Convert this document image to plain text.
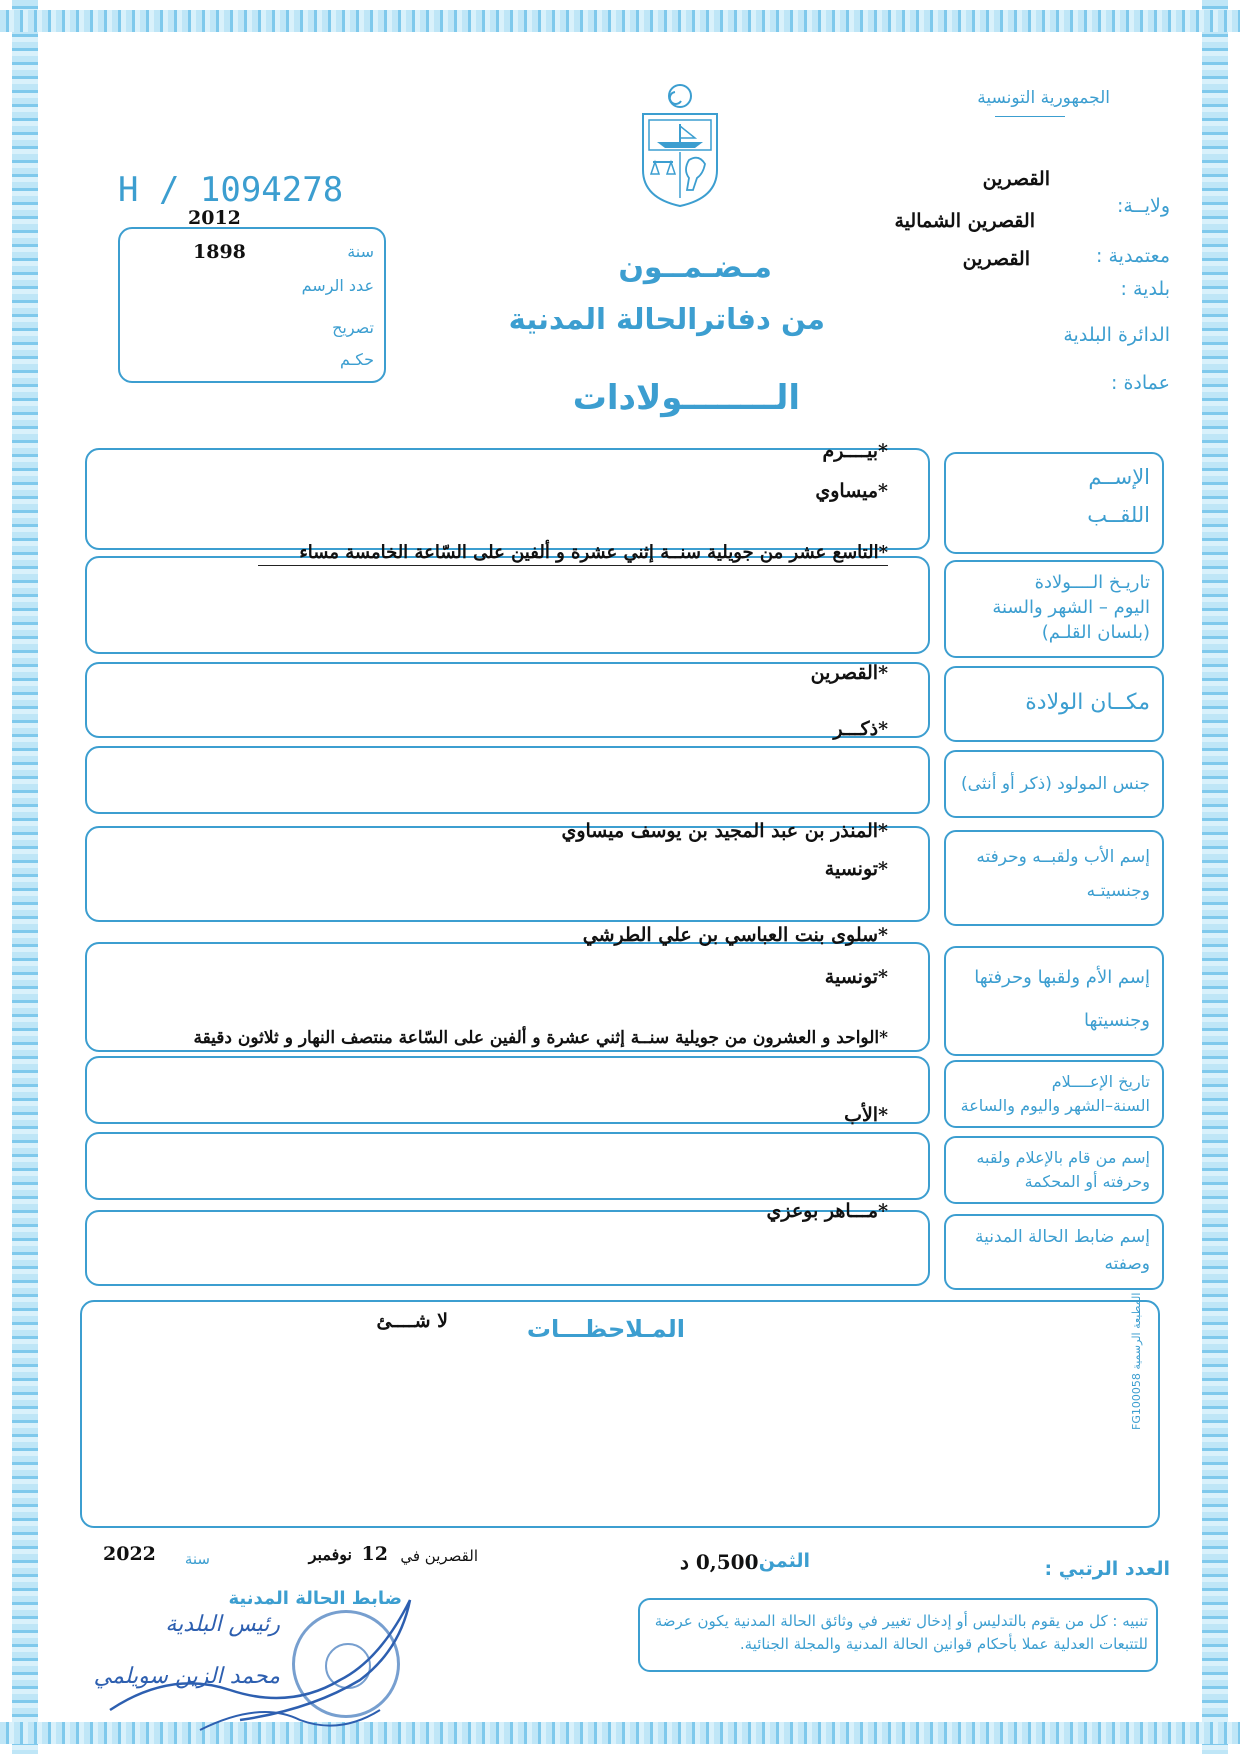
الجمهورية التونسية
ولايــة:
القصرين
معتمدية :
القصرين الشمالية
بلدية :
القصرين
الدائرة البلدية
عمادة :
H / 1094278
2012
1898	سنة
عدد الرسم
تصريح
حكـم
مـضـمــون
من دفاترالحالة المدنية
الــــــــولادات
الإســم
اللقــب
*بيــــرم
*ميساوي
تاريـخ الــــولادة
اليوم – الشهر والسنة
(بلسان القلـم)
*التاسع عشر من جويلية سنــة إثني عشرة و ألفين على السّاعة الخامسة مساء
مكــان الولادة
*القصرين
جنس المولود (ذكر أو أنثى)
*ذكـــر
إسم الأب ولقبــه وحرفته
وجنسيتـه
*المنذر بن عبد المجيد بن يوسف ميساوي
*تونسية
إسم الأم ولقبها وحرفتها
وجنسيتها
*سلوى بنت العباسي بن علي الطرشي
*تونسية
تاريخ الإعــــلام
السنة–الشهر واليوم والساعة
*الواحد و العشرون من جويلية سنــة إثني عشرة و ألفين على السّاعة منتصف النهار و ثلاثون دقيقة
إسم من قام بالإعلام ولقبه
وحرفته أو المحكمة
*الأب
إسم ضابط الحالة المدنية
وصفته
*مـــاهر بوعزي
المـلاحظـــات
لا شــــئ
المطبعة الرسمية FG100058
العدد الرتبي :
الثمن :
0,500 د
القصرين في
12
نوفمبر
سنة
2022
تنبيه : كل من يقوم بالتدليس أو إدخال تغيير في وثائق الحالة المدنية يكون عرضة للتتبعات العدلية عملا بأحكام قوانين الحالة المدنية والمجلة الجنائية.
ضابط الحالة المدنية
رئيس البلدية
محمد الزين سويلمي
